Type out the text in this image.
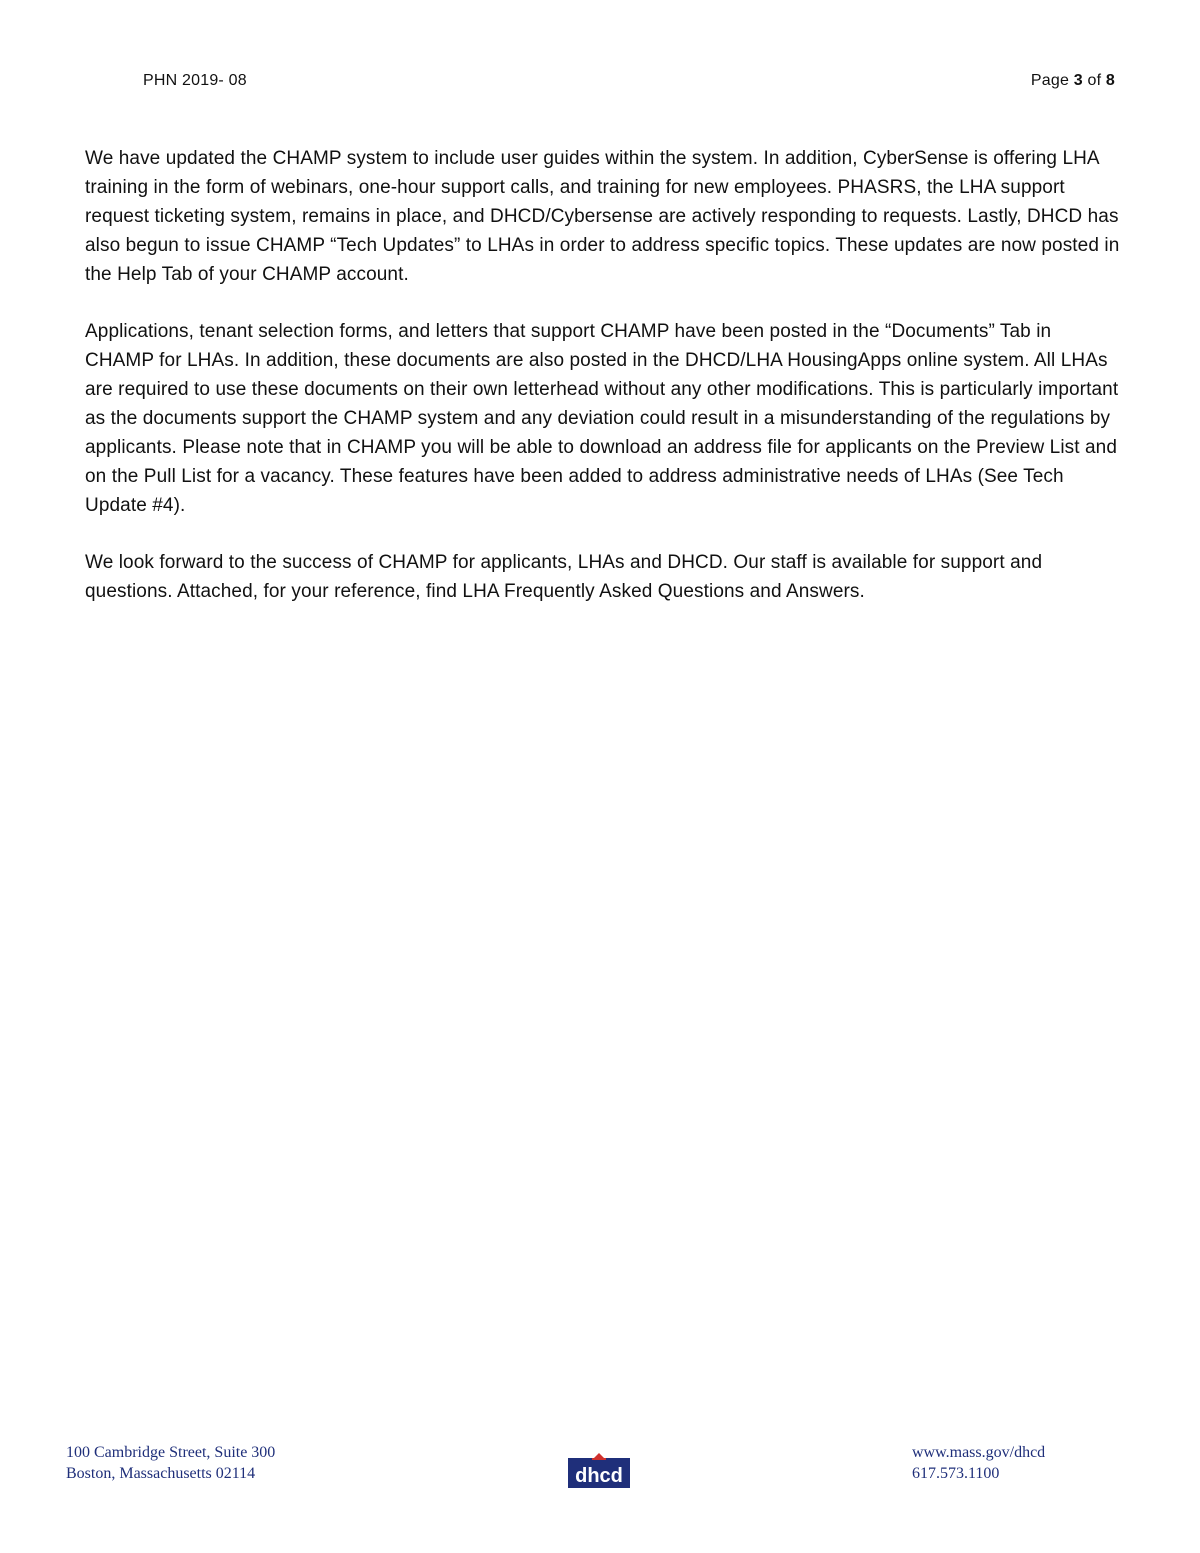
PHN 2019- 08	Page 3 of 8

We have updated the CHAMP system to include user guides within the system. In addition, CyberSense is offering LHA training in the form of webinars, one-hour support calls, and training for new employees. PHASRS, the LHA support request ticketing system, remains in place, and DHCD/Cybersense are actively responding to requests. Lastly, DHCD has also begun to issue CHAMP “Tech Updates” to LHAs in order to address specific topics. These updates are now posted in the Help Tab of your CHAMP account.

Applications, tenant selection forms, and letters that support CHAMP have been posted in the “Documents” Tab in CHAMP for LHAs. In addition, these documents are also posted in the DHCD/LHA HousingApps online system. All LHAs are required to use these documents on their own letterhead without any other modifications. This is particularly important as the documents support the CHAMP system and any deviation could result in a misunderstanding of the regulations by applicants. Please note that in CHAMP you will be able to download an address file for applicants on the Preview List and on the Pull List for a vacancy. These features have been added to address administrative needs of LHAs (See Tech Update #4).

We look forward to the success of CHAMP for applicants, LHAs and DHCD. Our staff is available for support and questions. Attached, for your reference, find LHA Frequently Asked Questions and Answers.

100 Cambridge Street, Suite 300
Boston, Massachusetts 02114	dhcd
www.mass.gov/dhcd
617.573.1100
